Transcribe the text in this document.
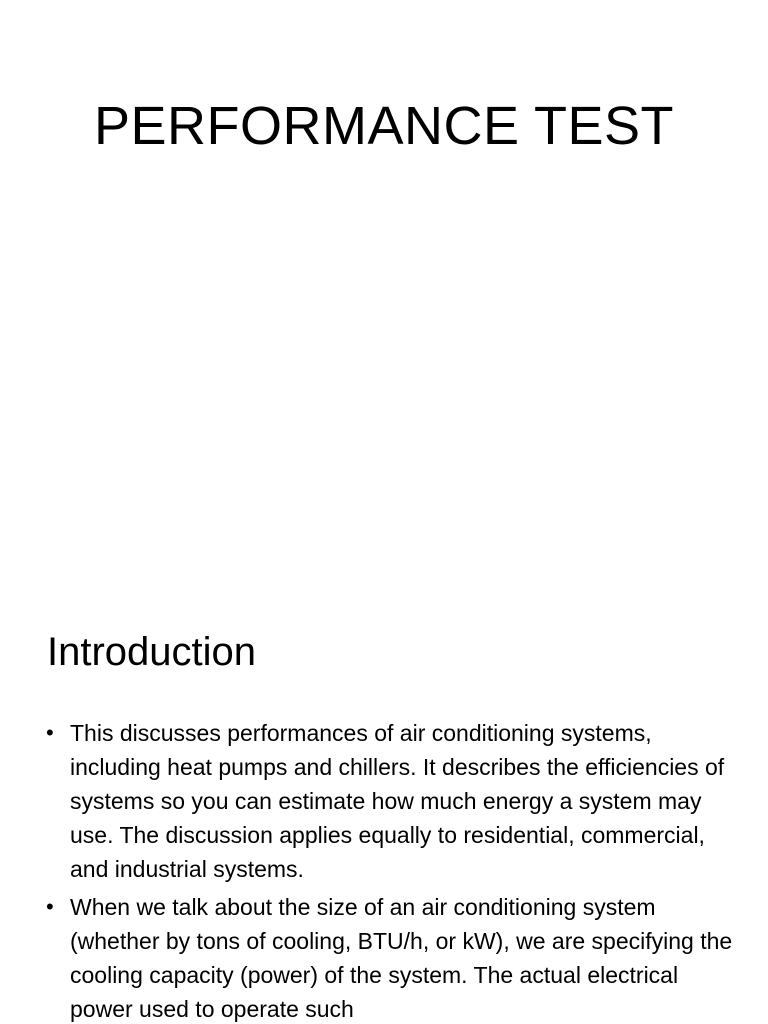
PERFORMANCE TEST
Introduction
• This discusses performances of air conditioning systems, including heat pumps and chillers. It describes the efficiencies of systems so you can estimate how much energy a system may use. The discussion applies equally to residential, commercial, and industrial systems.
• When we talk about the size of an air conditioning system (whether by tons of cooling, BTU/h, or kW), we are specifying the cooling capacity (power) of the system. The actual electrical power used to operate such
